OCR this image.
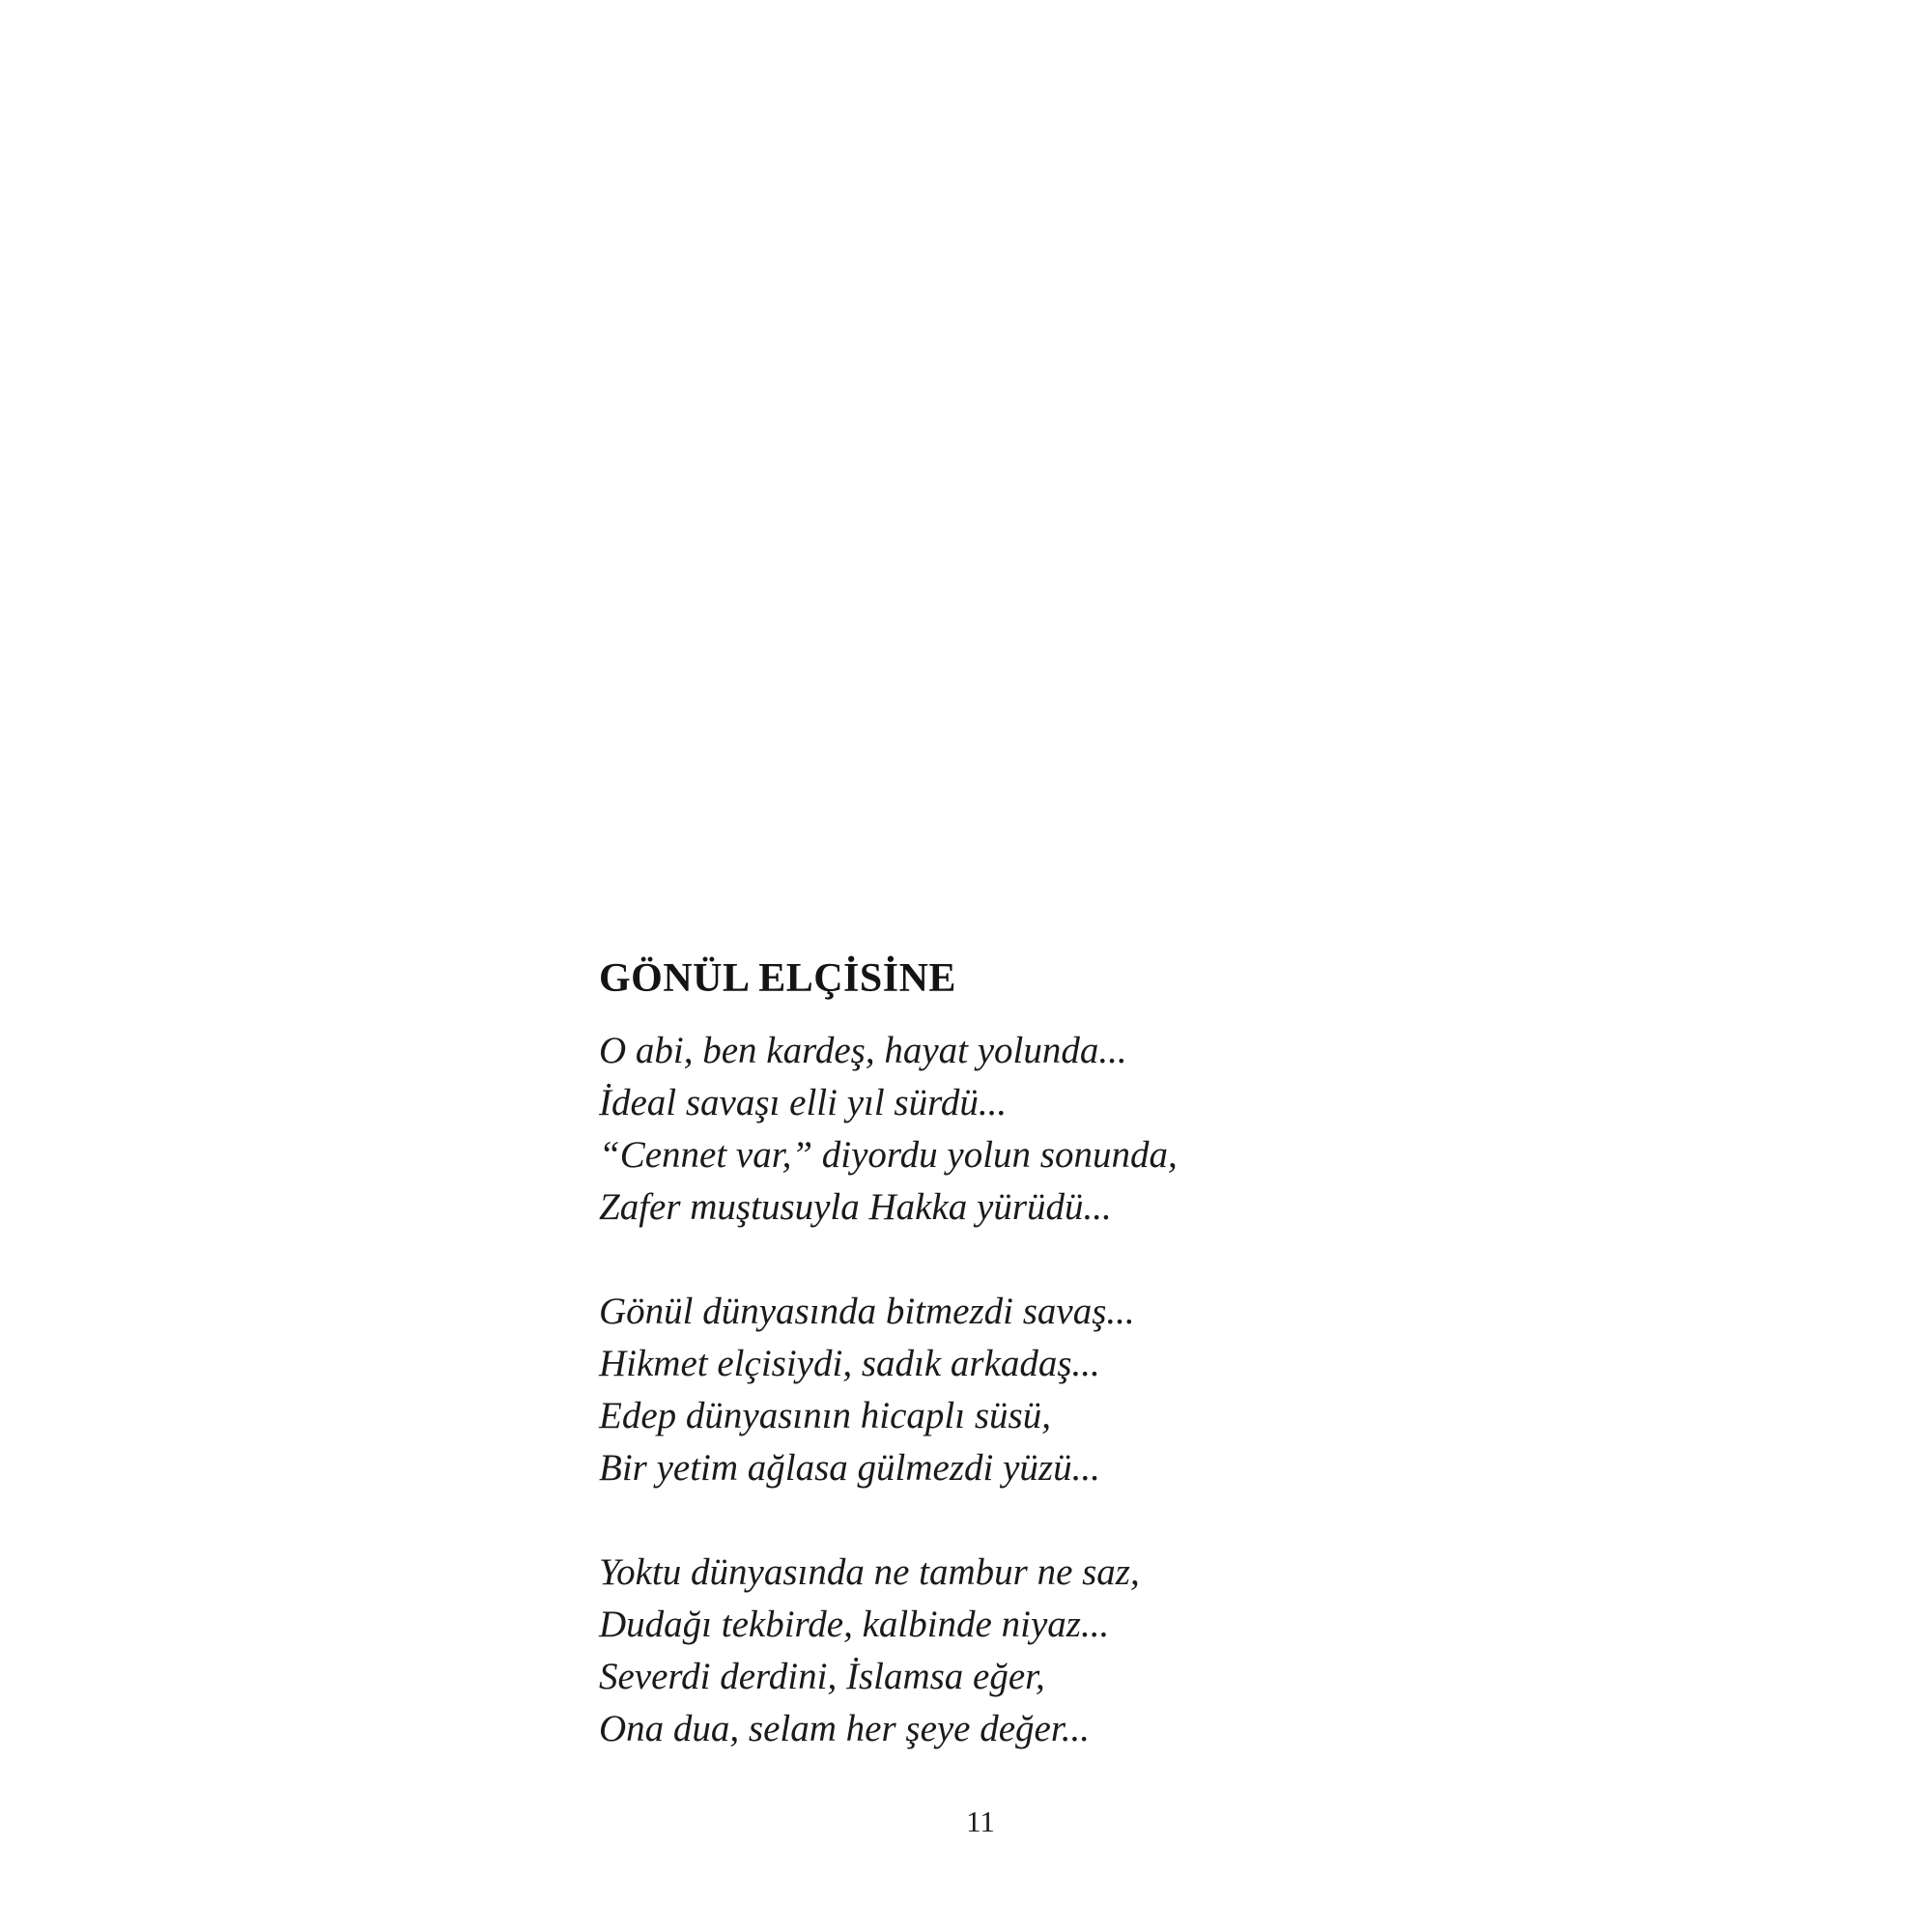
GÖNÜL ELÇİSİNE
O abi, ben kardeş, hayat yolunda...
İdeal savaşı elli yıl sürdü...
“Cennet var,” diyordu yolun sonunda,
Zafer muştusuyla Hakka yürüdü...
Gönül dünyasında bitmezdi savaş...
Hikmet elçisiydi, sadık arkadaş...
Edep dünyasının hicaplı süsü,
Bir yetim ağlasa gülmezdi yüzü...
Yoktu dünyasında ne tambur ne saz,
Dudağı tekbirde, kalbinde niyaz...
Severdi derdini, İslamsa eğer,
Ona dua, selam her şeye değer...
11
